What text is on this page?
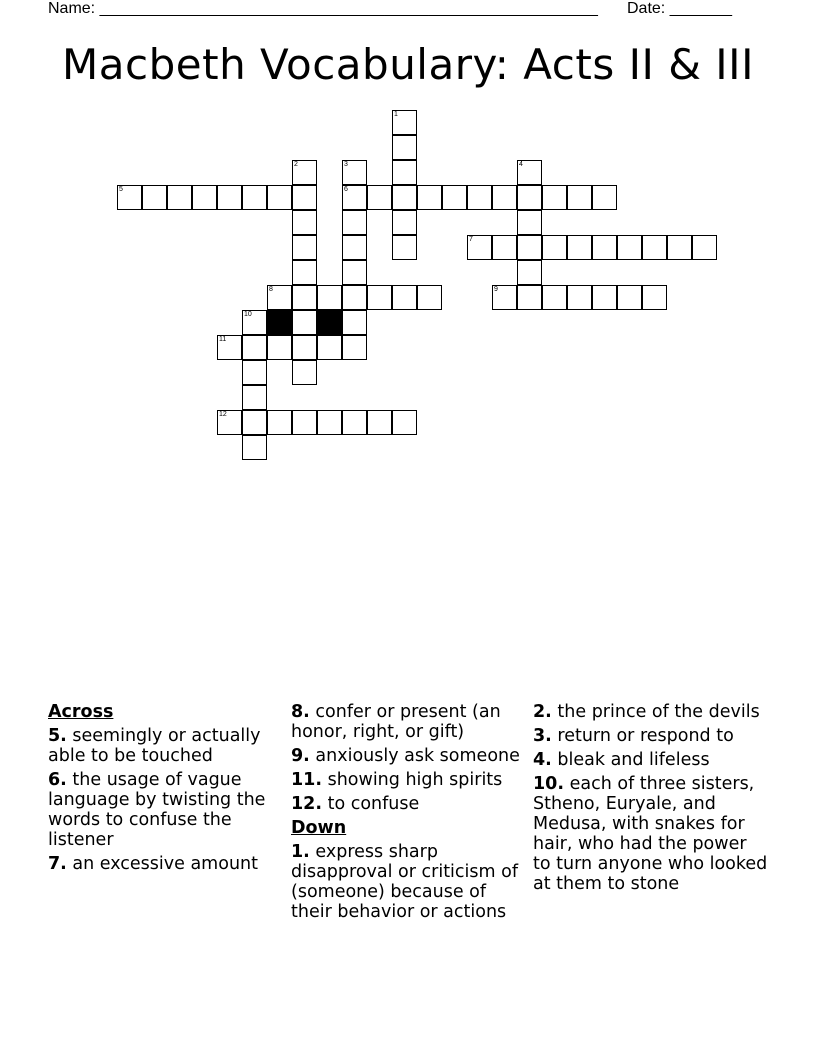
Name: ________________________________________________________ Date: _______
Macbeth Vocabulary: Acts II & III
1
2	3
6
4
5
7
8	9
10
11
12
Across
5. seemingly or actually able to be touched
6. the usage of vague language by twisting the words to confuse the listener
7. an excessive amount
8. confer or present (an honor, right, or gift)
9. anxiously ask someone
11. showing high spirits
12. to confuse
Down
1. express sharp disapproval or criticism of (someone) because of their behavior or actions
2. the prince of the devils
3. return or respond to
4. bleak and lifeless
10. each of three sisters, Stheno, Euryale, and Medusa, with snakes for hair, who had the power to turn anyone who looked at them to stone
